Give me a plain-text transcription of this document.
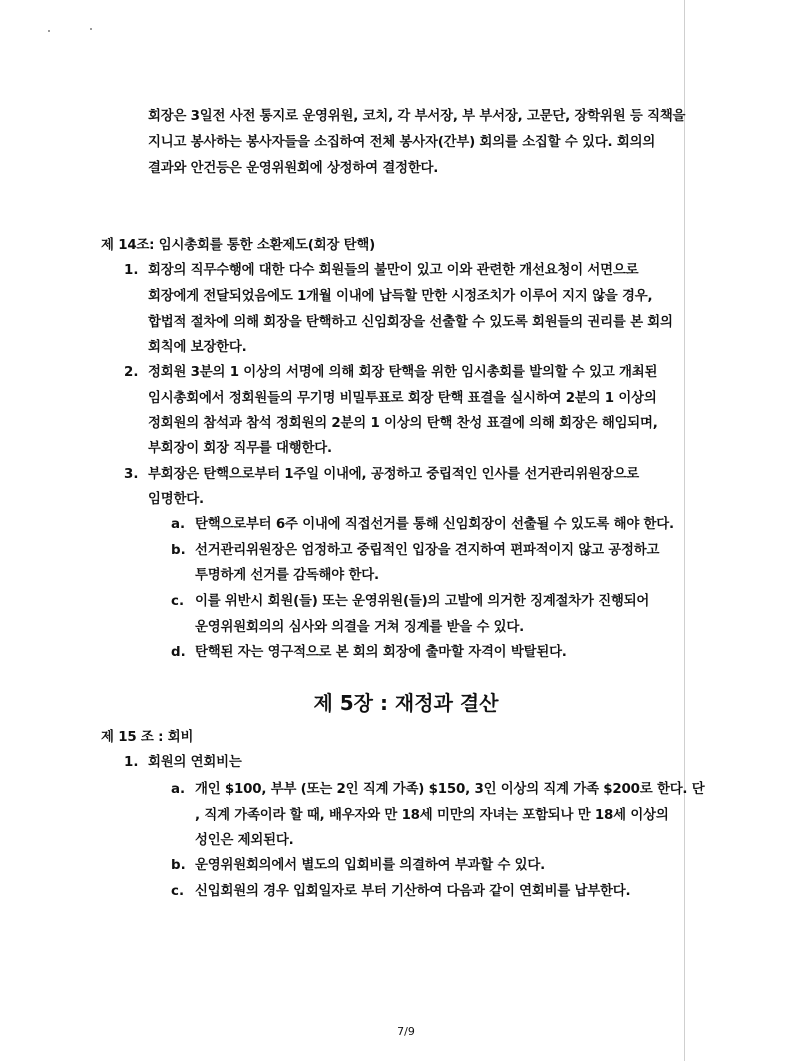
회장은 3일전 사전 통지로 운영위원, 코치, 각 부서장, 부 부서장, 고문단, 장학위원 등 직책을
지니고 봉사하는 봉사자들을 소집하여 전체 봉사자(간부) 회의를 소집할 수 있다. 회의의
결과와 안건등은 운영위원회에 상정하여 결정한다.
제 14조: 임시총회를 통한 소환제도(회장 탄핵)
1. 회장의 직무수행에 대한 다수 회원들의 불만이 있고 이와 관련한 개선요청이 서면으로
회장에게 전달되었음에도 1개월 이내에 납득할 만한 시정조치가 이루어 지지 않을 경우,
합법적 절차에 의해 회장을 탄핵하고 신임회장을 선출할 수 있도록 회원들의 권리를 본 회의
회칙에 보장한다.
2. 정회원 3분의 1 이상의 서명에 의해 회장 탄핵을 위한 임시총회를 발의할 수 있고 개최된
임시총회에서 정회원들의 무기명 비밀투표로 회장 탄핵 표결을 실시하여 2분의 1 이상의
정회원의 참석과 참석 정회원의 2분의 1 이상의 탄핵 찬성 표결에 의해 회장은 해임되며,
부회장이 회장 직무를 대행한다.
3. 부회장은 탄핵으로부터 1주일 이내에, 공정하고 중립적인 인사를 선거관리위원장으로
임명한다.
a. 탄핵으로부터 6주 이내에 직접선거를 통해 신임회장이 선출될 수 있도록 해야 한다.
b. 선거관리위원장은 엄정하고 중립적인 입장을 견지하여 편파적이지 않고 공정하고
투명하게 선거를 감독해야 한다.
c. 이를 위반시 회원(들) 또는 운영위원(들)의 고발에 의거한 징계절차가 진행되어
운영위원회의의 심사와 의결을 거쳐 징계를 받을 수 있다.
d. 탄핵된 자는 영구적으로 본 회의 회장에 출마할 자격이 박탈된다.
제 5장 : 재정과 결산
제 15 조 : 회비
1. 회원의 연회비는
a. 개인 $100, 부부 (또는 2인 직계 가족) $150, 3인 이상의 직계 가족 $200로 한다. 단
, 직계 가족이라 할 때, 배우자와 만 18세 미만의 자녀는 포함되나 만 18세 이상의
성인은 제외된다.
b. 운영위원회의에서 별도의 입회비를 의결하여 부과할 수 있다.
c. 신입회원의 경우 입회일자로 부터 기산하여 다음과 같이 연회비를 납부한다.
7/9
